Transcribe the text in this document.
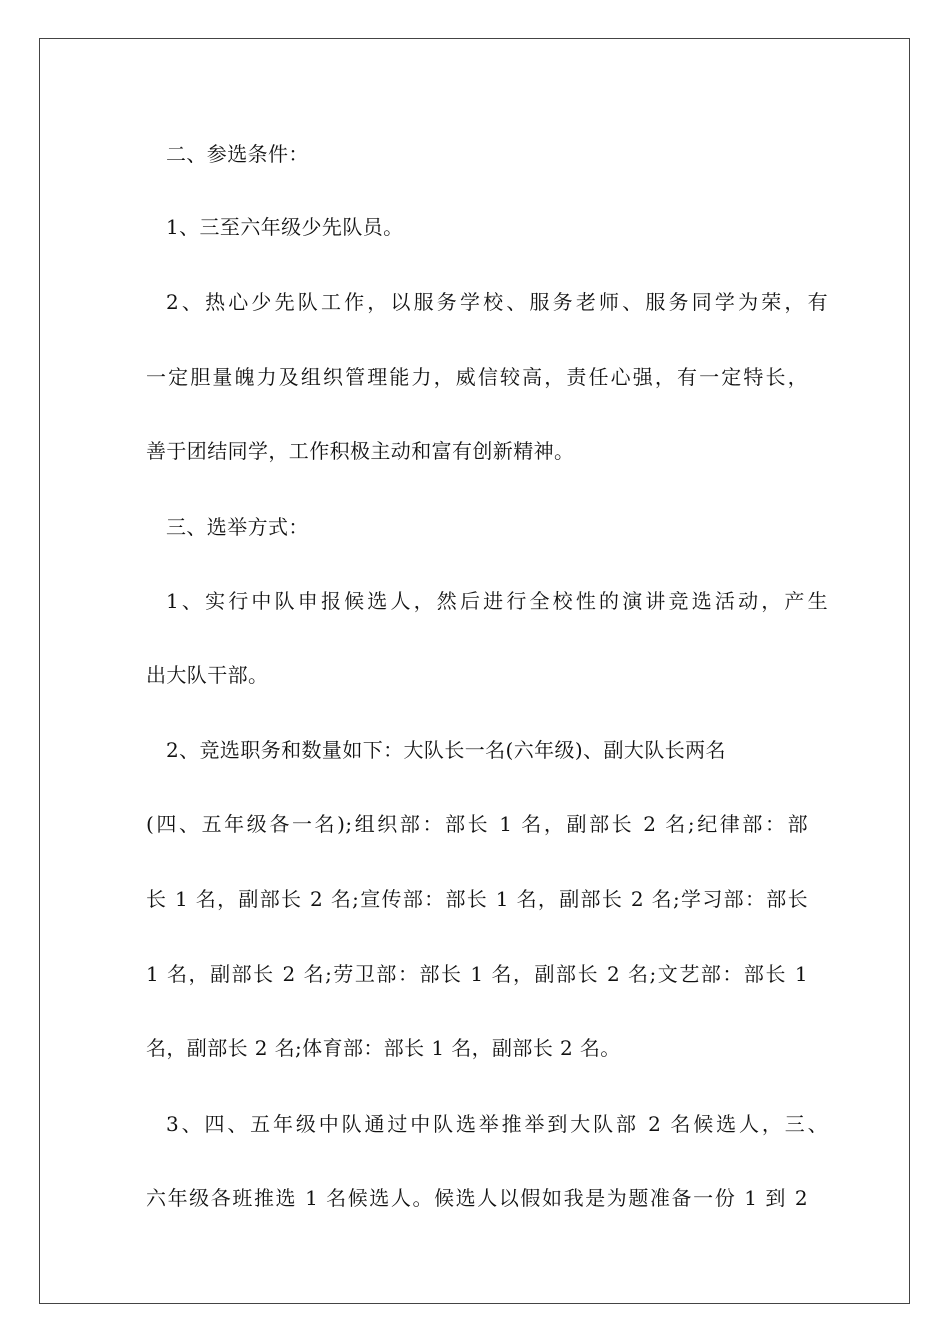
二、参选条件：
1、三至六年级少先队员。
2、热心少先队工作，以服务学校、服务老师、服务同学为荣，有
一定胆量魄力及组织管理能力，威信较高，责任心强，有一定特长，
善于团结同学，工作积极主动和富有创新精神。
三、选举方式：
1、实行中队申报候选人，然后进行全校性的演讲竞选活动，产生
出大队干部。
2、竞选职务和数量如下：大队长一名(六年级)、副大队长两名
(四、五年级各一名);组织部：部长 1 名，副部长 2 名;纪律部：部
长 1 名，副部长 2 名;宣传部：部长 1 名，副部长 2 名;学习部：部长
1 名，副部长 2 名;劳卫部：部长 1 名，副部长 2 名;文艺部：部长 1
名，副部长 2 名;体育部：部长 1 名，副部长 2 名。
3、四、五年级中队通过中队选举推举到大队部 2 名候选人，三、
六年级各班推选 1 名候选人。候选人以假如我是为题准备一份 1 到 2
